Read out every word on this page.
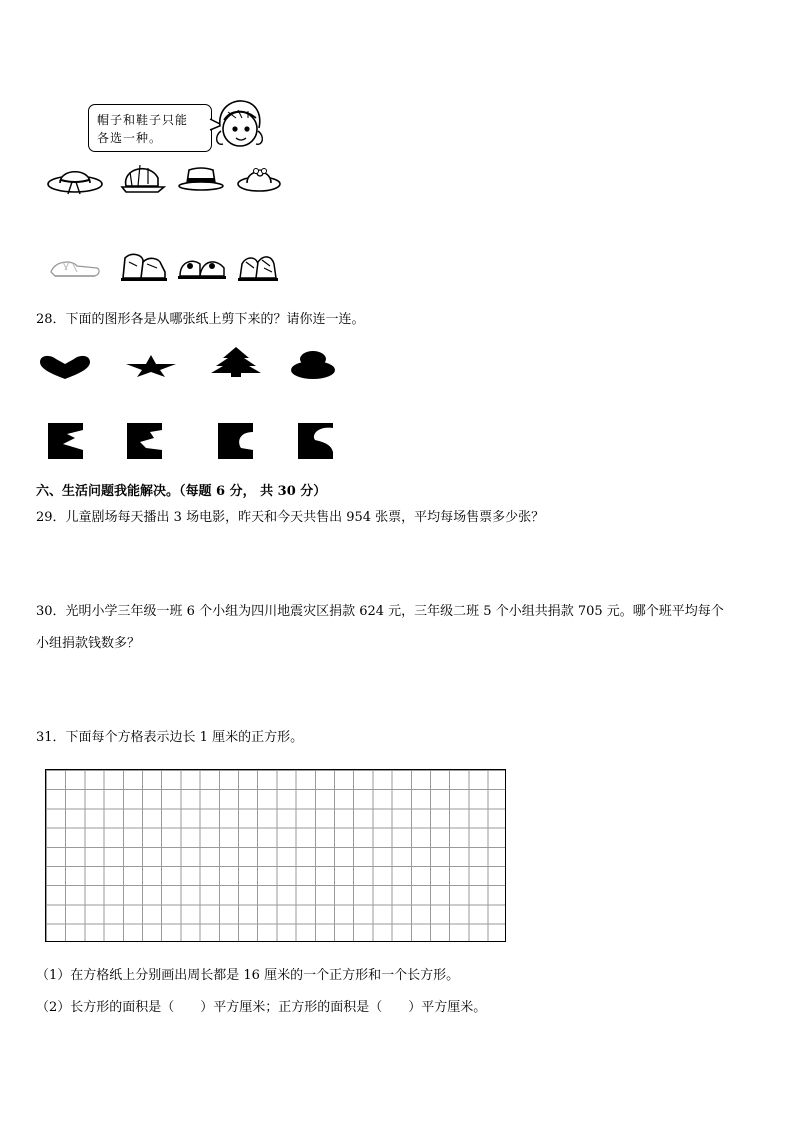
帽子和鞋子只能
各选一种。
28．下面的图形各是从哪张纸上剪下来的？请你连一连。
六、生活问题我能解决。（每题 6 分， 共 30 分）
29．儿童剧场每天播出 3 场电影，昨天和今天共售出 954 张票，平均每场售票多少张？
30．光明小学三年级一班 6 个小组为四川地震灾区捐款 624 元，三年级二班 5 个小组共捐款 705 元。哪个班平均每个
小组捐款钱数多？
31．下面每个方格表示边长 1 厘米的正方形。
（1）在方格纸上分别画出周长都是 16 厘米的一个正方形和一个长方形。
（2）长方形的面积是（　　）平方厘米；正方形的面积是（　　）平方厘米。
